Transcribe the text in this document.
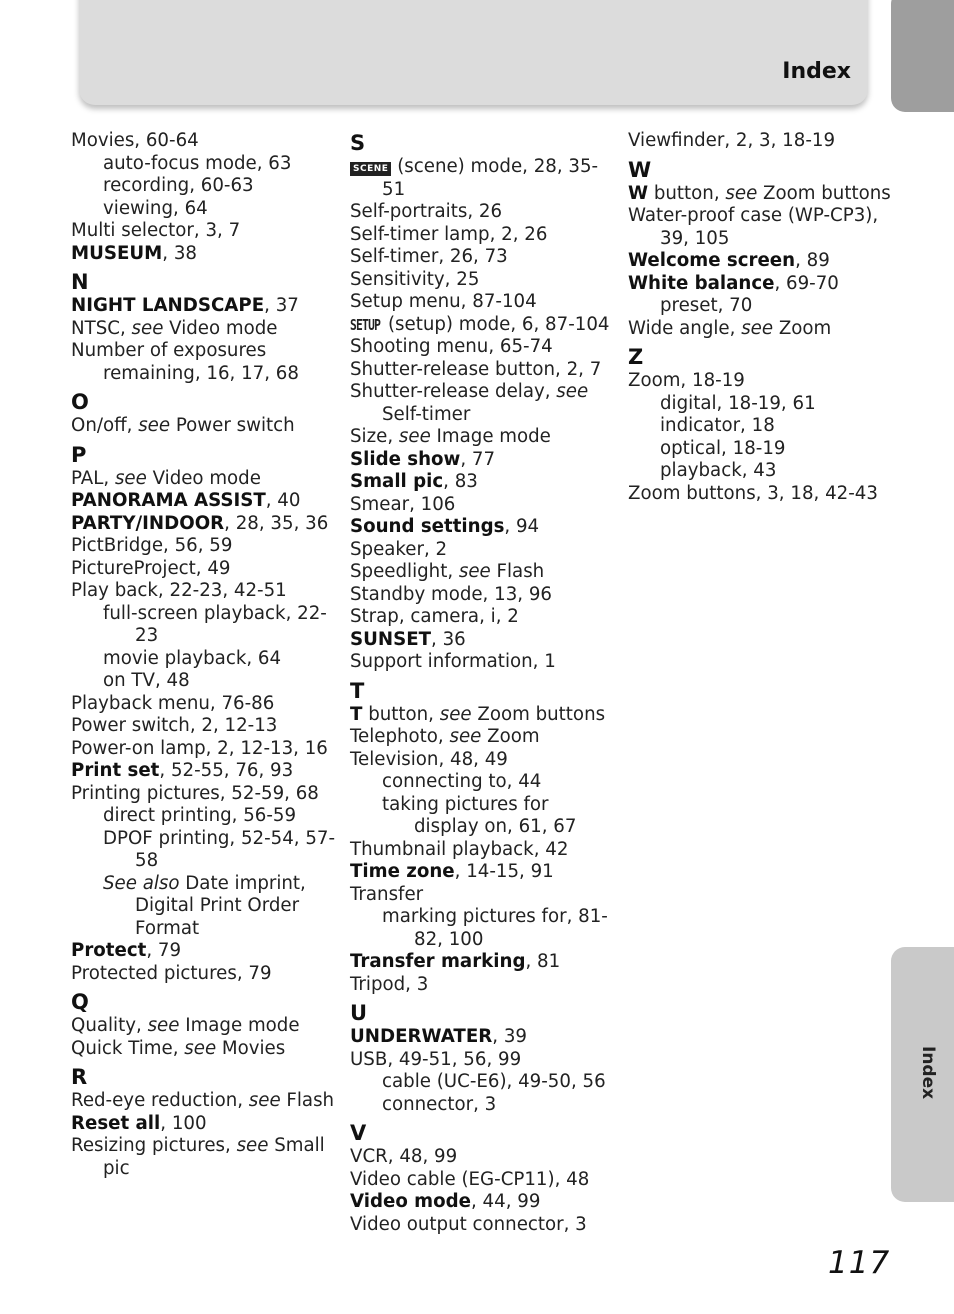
Index
Index
Movies, 60-64
auto-focus mode, 63
recording, 60-63
viewing, 64
Multi selector, 3, 7
MUSEUM, 38
N
NIGHT LANDSCAPE, 37
NTSC, see Video mode
Number of exposures remaining, 16, 17, 68
O
On/off, see Power switch
P
PAL, see Video mode
PANORAMA ASSIST, 40
PARTY/INDOOR, 28, 35, 36
PictBridge, 56, 59
PictureProject, 49
Play back, 22-23, 42-51
full-screen playback, 22-23
movie playback, 64
on TV, 48
Playback menu, 76-86
Power switch, 2, 12-13
Power-on lamp, 2, 12-13, 16
Print set, 52-55, 76, 93
Printing pictures, 52-59, 68
direct printing, 56-59
DPOF printing, 52-54, 57-58
See also Date imprint, Digital Print Order Format
Protect, 79
Protected pictures, 79
Q
Quality, see Image mode
Quick Time, see Movies
R
Red-eye reduction, see Flash
Reset all, 100
Resizing pictures, see Small pic
S
SCENE (scene) mode, 28, 35-51
Self-portraits, 26
Self-timer lamp, 2, 26
Self-timer, 26, 73
Sensitivity, 25
Setup menu, 87-104
SETUP (setup) mode, 6, 87-104
Shooting menu, 65-74
Shutter-release button, 2, 7
Shutter-release delay, see Self-timer
Size, see Image mode
Slide show, 77
Small pic, 83
Smear, 106
Sound settings, 94
Speaker, 2
Speedlight, see Flash
Standby mode, 13, 96
Strap, camera, i, 2
SUNSET, 36
Support information, 1
T
T button, see Zoom buttons
Telephoto, see Zoom
Television, 48, 49
connecting to, 44
taking pictures for display on, 61, 67
Thumbnail playback, 42
Time zone, 14-15, 91
Transfer
marking pictures for, 81-82, 100
Transfer marking, 81
Tripod, 3
U
UNDERWATER, 39
USB, 49-51, 56, 99
cable (UC-E6), 49-50, 56
connector, 3
V
VCR, 48, 99
Video cable (EG-CP11), 48
Video mode, 44, 99
Video output connector, 3
Viewfinder, 2, 3, 18-19
W
W button, see Zoom buttons
Water-proof case (WP-CP3), 39, 105
Welcome screen, 89
White balance, 69-70
preset, 70
Wide angle, see Zoom
Z
Zoom, 18-19
digital, 18-19, 61
indicator, 18
optical, 18-19
playback, 43
Zoom buttons, 3, 18, 42-43
117
